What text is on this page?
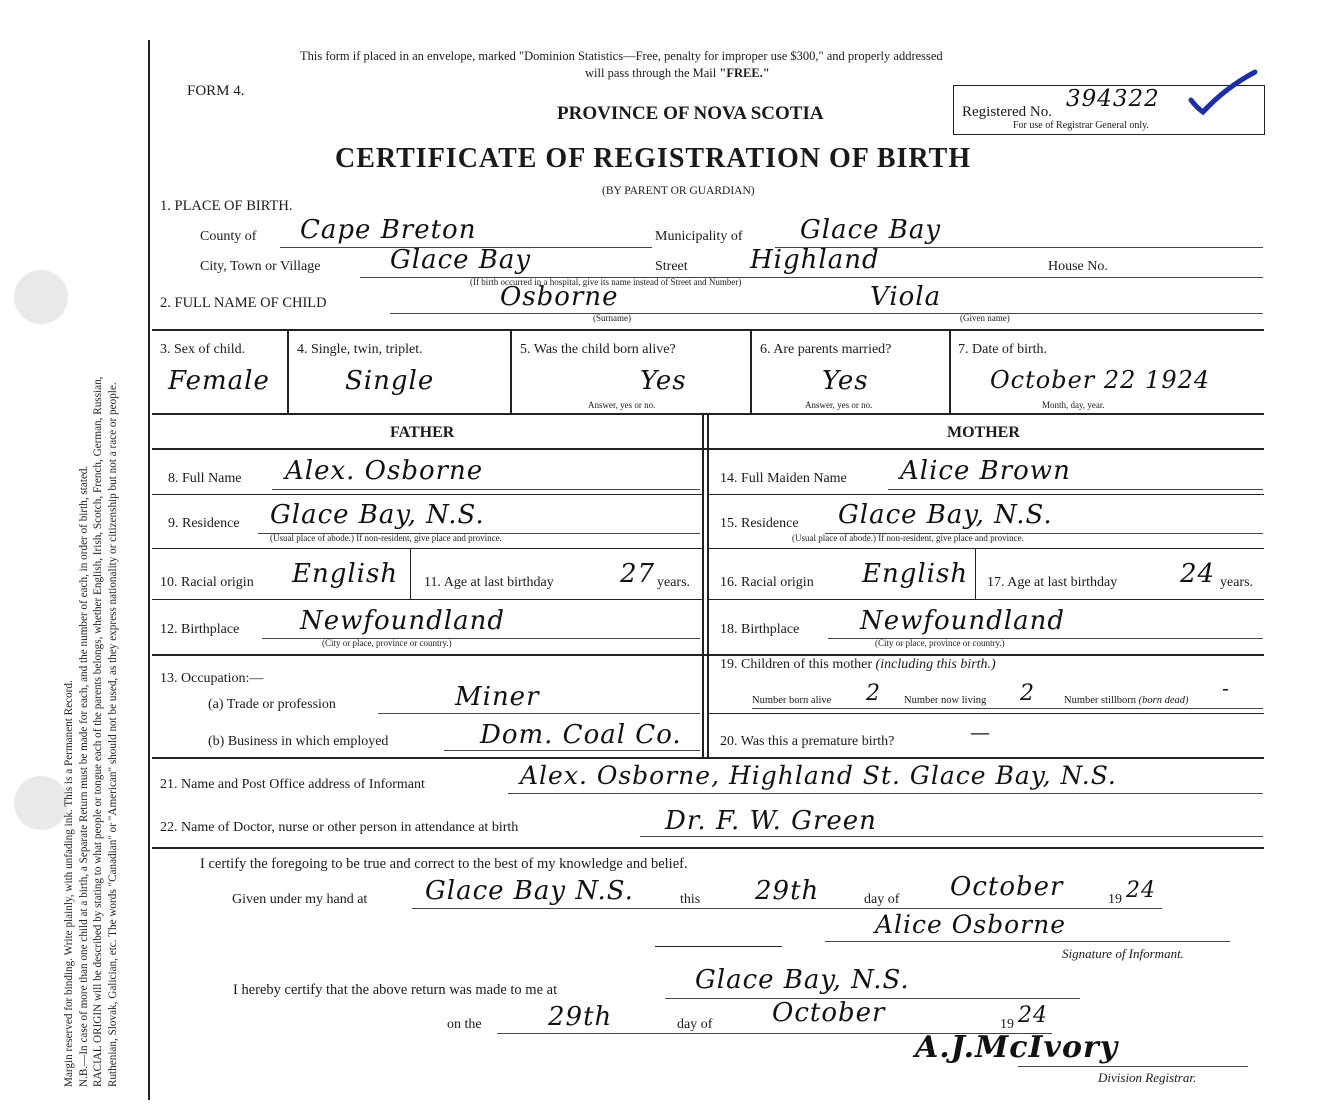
Margin reserved for binding. Write plainly, with unfading ink. This is a Permanent Record. N.B.—In case of more than one child at a birth, a Separate Return must be made for each, and the number of each, in order of birth, stated. RACIAL ORIGIN will be described by stating to what people or tongue each of the parents belongs, whether English, Irish, Scotch, French, German, Russian, Ruthenian, Slovak, Galician, etc. The words "Canadian" or "American" should not be used, as they express nationality or citizenship but not a race or people.
This form if placed in an envelope, marked "Dominion Statistics—Free, penalty for improper use $300," and properly addressed
will pass through the Mail "FREE."
FORM 4.
PROVINCE OF NOVA SCOTIA
CERTIFICATE OF REGISTRATION OF BIRTH
(BY PARENT OR GUARDIAN)
Registered No. 394322
For use of Registrar General only.
1. PLACE OF BIRTH.
County of Cape Breton	Municipality of Glace Bay
City, Town or Village	Glace Bay	Street Highland	House No.
(If birth occurred in a hospital, give its name instead of Street and Number)
2. FULL NAME OF CHILD	Osborne	Viola
(Surname)	(Given name)
3. Sex of child.
Female
4. Single, twin, triplet.
Single
5. Was the child born alive?
Yes
Answer, yes or no.
6. Are parents married?
Yes
Answer, yes or no.
7. Date of birth.
October 22 1924
Month, day, year.
FATHER	MOTHER
8. Full Name Alex. Osborne
9. Residence Glace Bay, N.S.
(Usual place of abode.) If non-resident, give place and province.
10. Racial origin English 11. Age at last birthday	27 years.
12. Birthplace Newfoundland
(City or place, province or country.)
13. Occupation:—
(a) Trade or profession	Miner
(b) Business in which employed	Dom. Coal Co.
14. Full Maiden Name Alice Brown
15. Residence Glace Bay, N.S.
(Usual place of abode.) If non-resident, give place and province.
16. Racial origin English 17. Age at last birthday 24 years.
18. Birthplace Newfoundland
(City or place, province or country.)
19. Children of this mother (including this birth.)
Number born alive 2 Number now living 2	Number stillborn (born dead)
-
20. Was this a premature birth?	—
21. Name and Post Office address of Informant	Alex. Osborne, Highland St. Glace Bay, N.S.
22. Name of Doctor, nurse or other person in attendance at birth	Dr. F. W. Green
I certify the foregoing to be true and correct to the best of my knowledge and belief.
Given under my hand at Glace Bay N.S.	this 29th	day of October	19 24
Alice Osborne
Signature of Informant.
I hereby certify that the above return was made to me at	Glace Bay, N.S.
on the	29th	day of October	19 24
A.J.McIvory
Division Registrar.
